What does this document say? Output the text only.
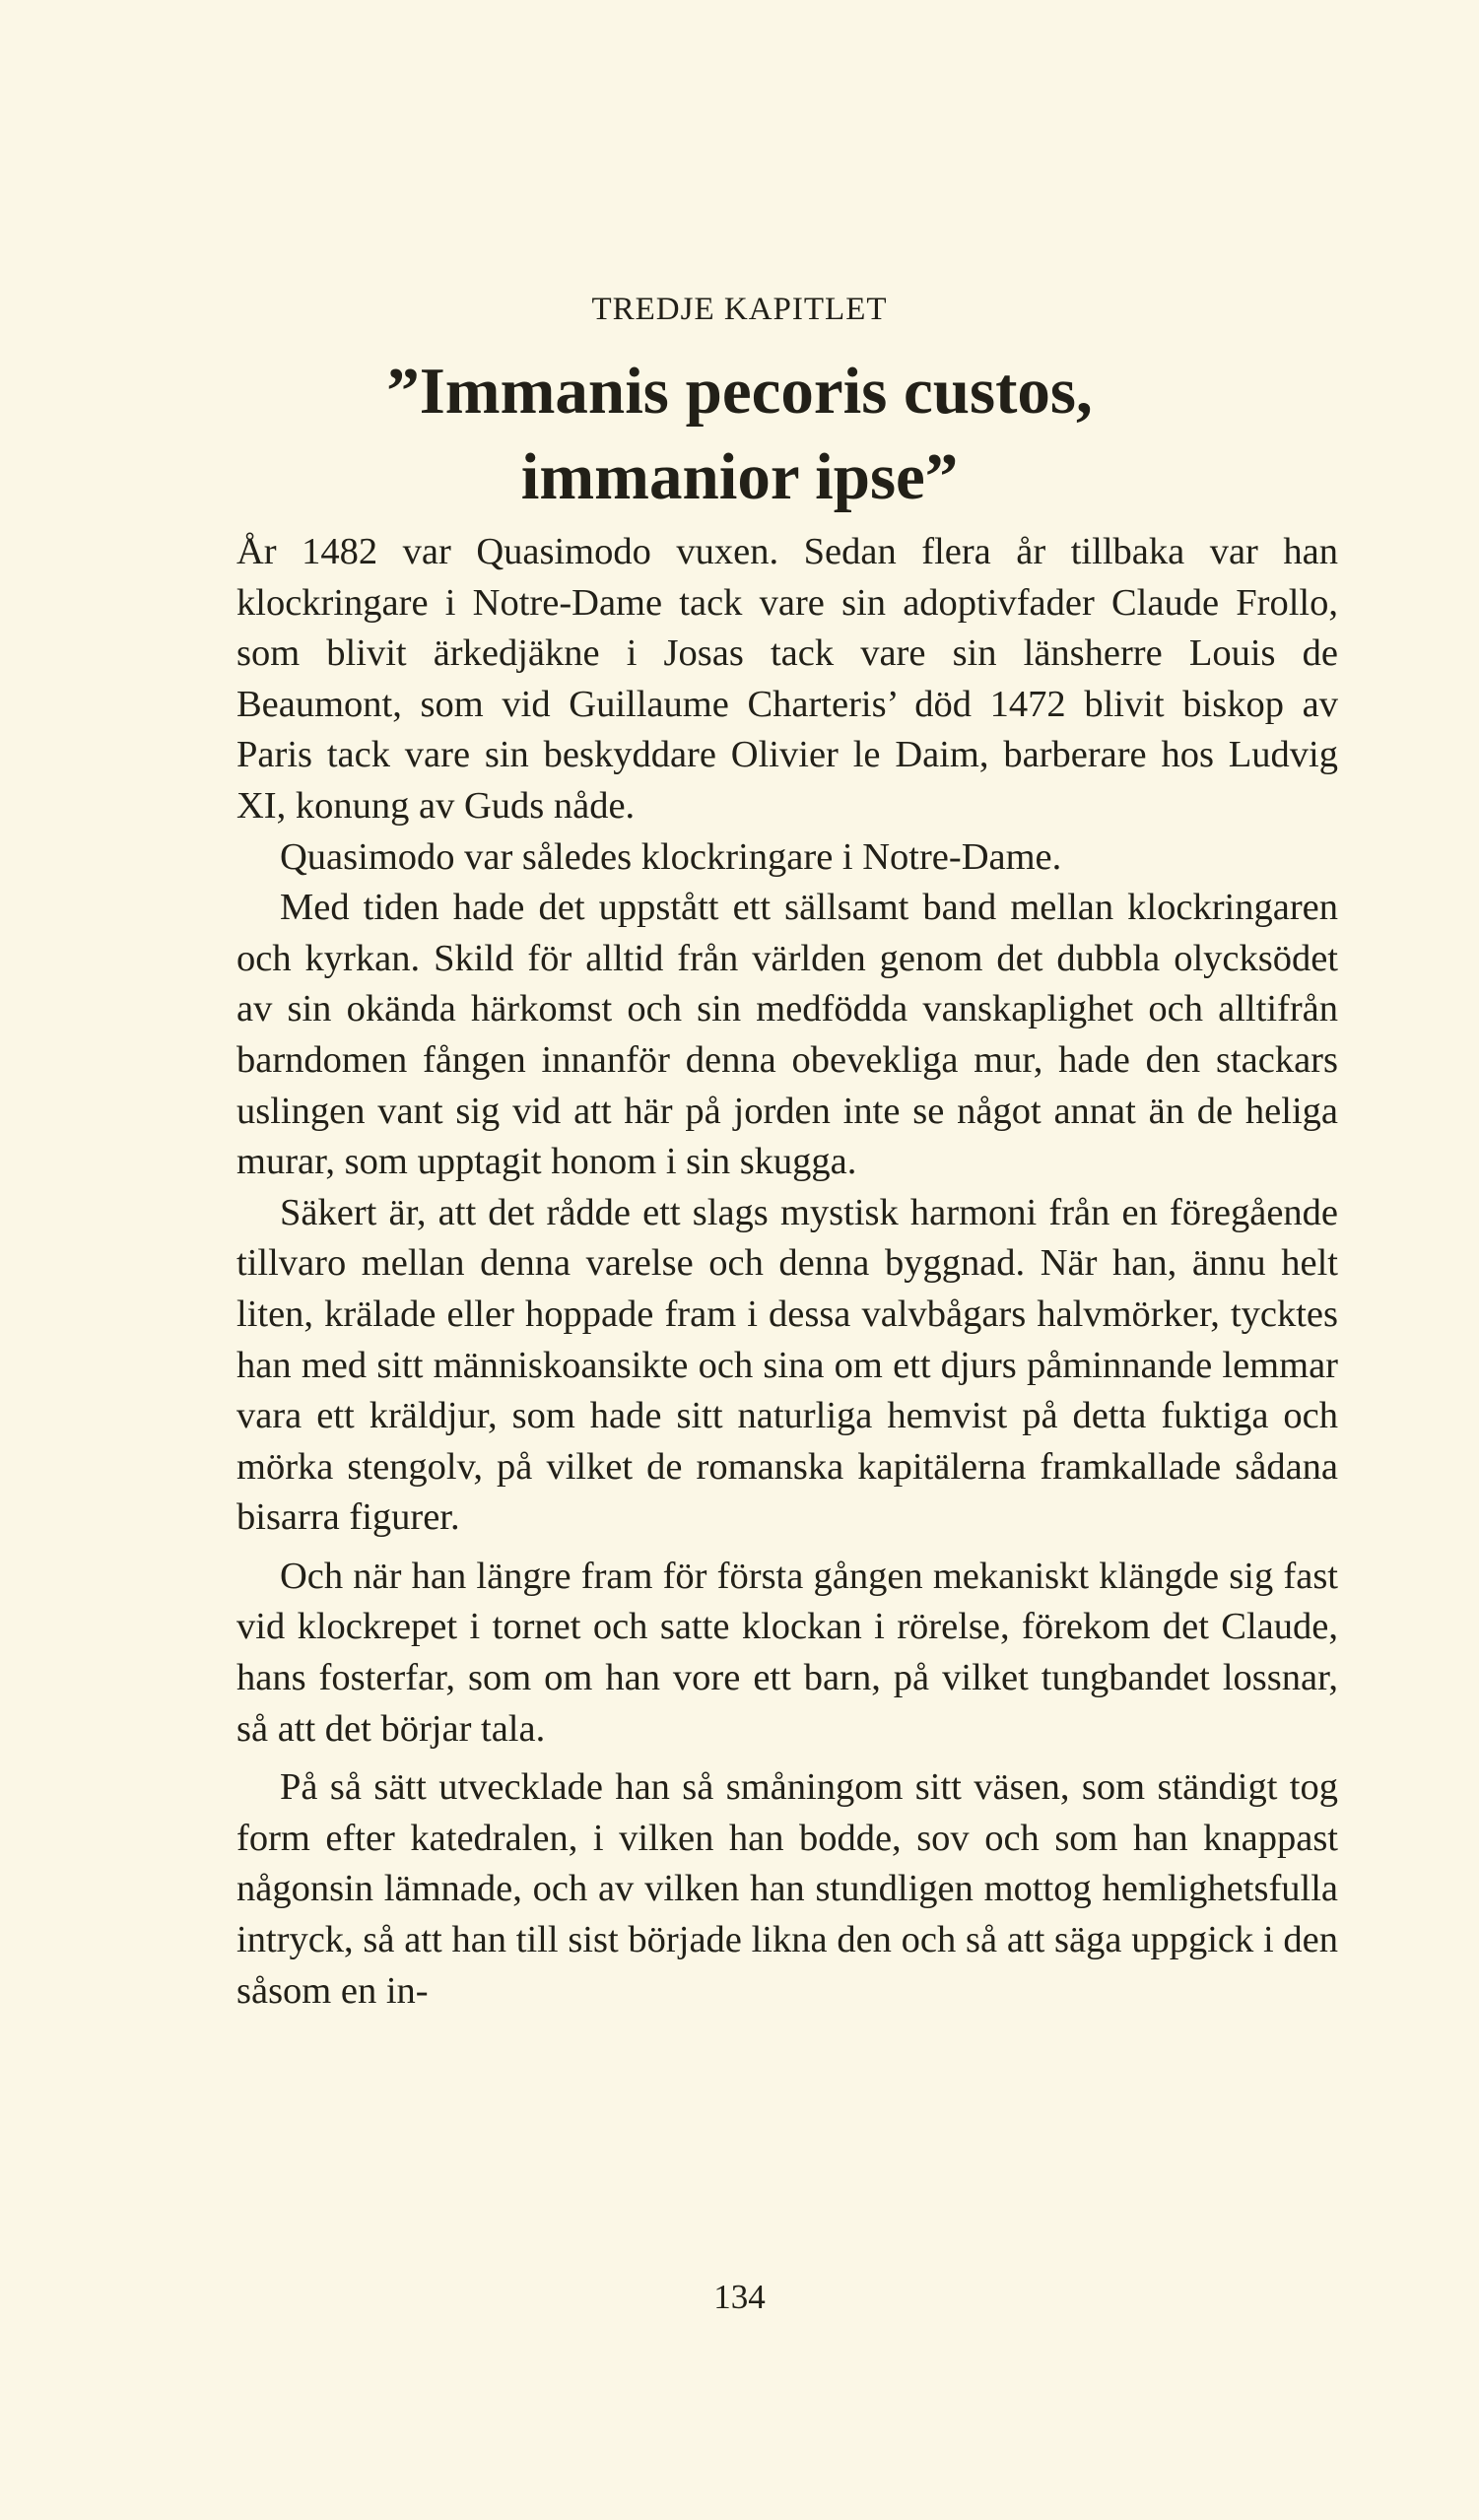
TREDJE KAPITLET
”Immanis pecoris custos,
immanior ipse”

År 1482 var Quasimodo vuxen. Sedan flera år tillbaka var han klockringare i Notre-Dame tack vare sin adoptivfader Claude Frollo, som blivit ärkedjäkne i Josas tack vare sin länsherre Louis de Beaumont, som vid Guillaume Charteris’ död 1472 blivit biskop av Paris tack vare sin beskyddare Olivier le Daim, barberare hos Ludvig XI, konung av Guds nåde.

Quasimodo var således klockringare i Notre-Dame.

Med tiden hade det uppstått ett sällsamt band mellan klockringaren och kyrkan. Skild för alltid från världen genom det dubbla olycksödet av sin okända härkomst och sin medfödda vanskaplighet och alltifrån barndomen fången innanför denna obevekliga mur, hade den stackars uslingen vant sig vid att här på jorden inte se något annat än de heliga murar, som upptagit honom i sin skugga.

Säkert är, att det rådde ett slags mystisk harmoni från en föregående tillvaro mellan denna varelse och denna byggnad. När han, ännu helt liten, krälade eller hoppade fram i dessa valvbågars halvmörker, tycktes han med sitt människoansikte och sina om ett djurs påminnande lemmar vara ett kräldjur, som hade sitt naturliga hemvist på detta fuktiga och mörka stengolv, på vilket de romanska kapitälerna framkallade sådana bisarra figurer.

Och när han längre fram för första gången mekaniskt klängde sig fast vid klockrepet i tornet och satte klockan i rörelse, förekom det Claude, hans fosterfar, som om han vore ett barn, på vilket tungbandet lossnar, så att det börjar tala.

På så sätt utvecklade han så småningom sitt väsen, som ständigt tog form efter katedralen, i vilken han bodde, sov och som han knappast någonsin lämnade, och av vilken han stundligen mottog hemlighetsfulla intryck, så att han till sist började likna den och så att säga uppgick i den såsom en in-

134
